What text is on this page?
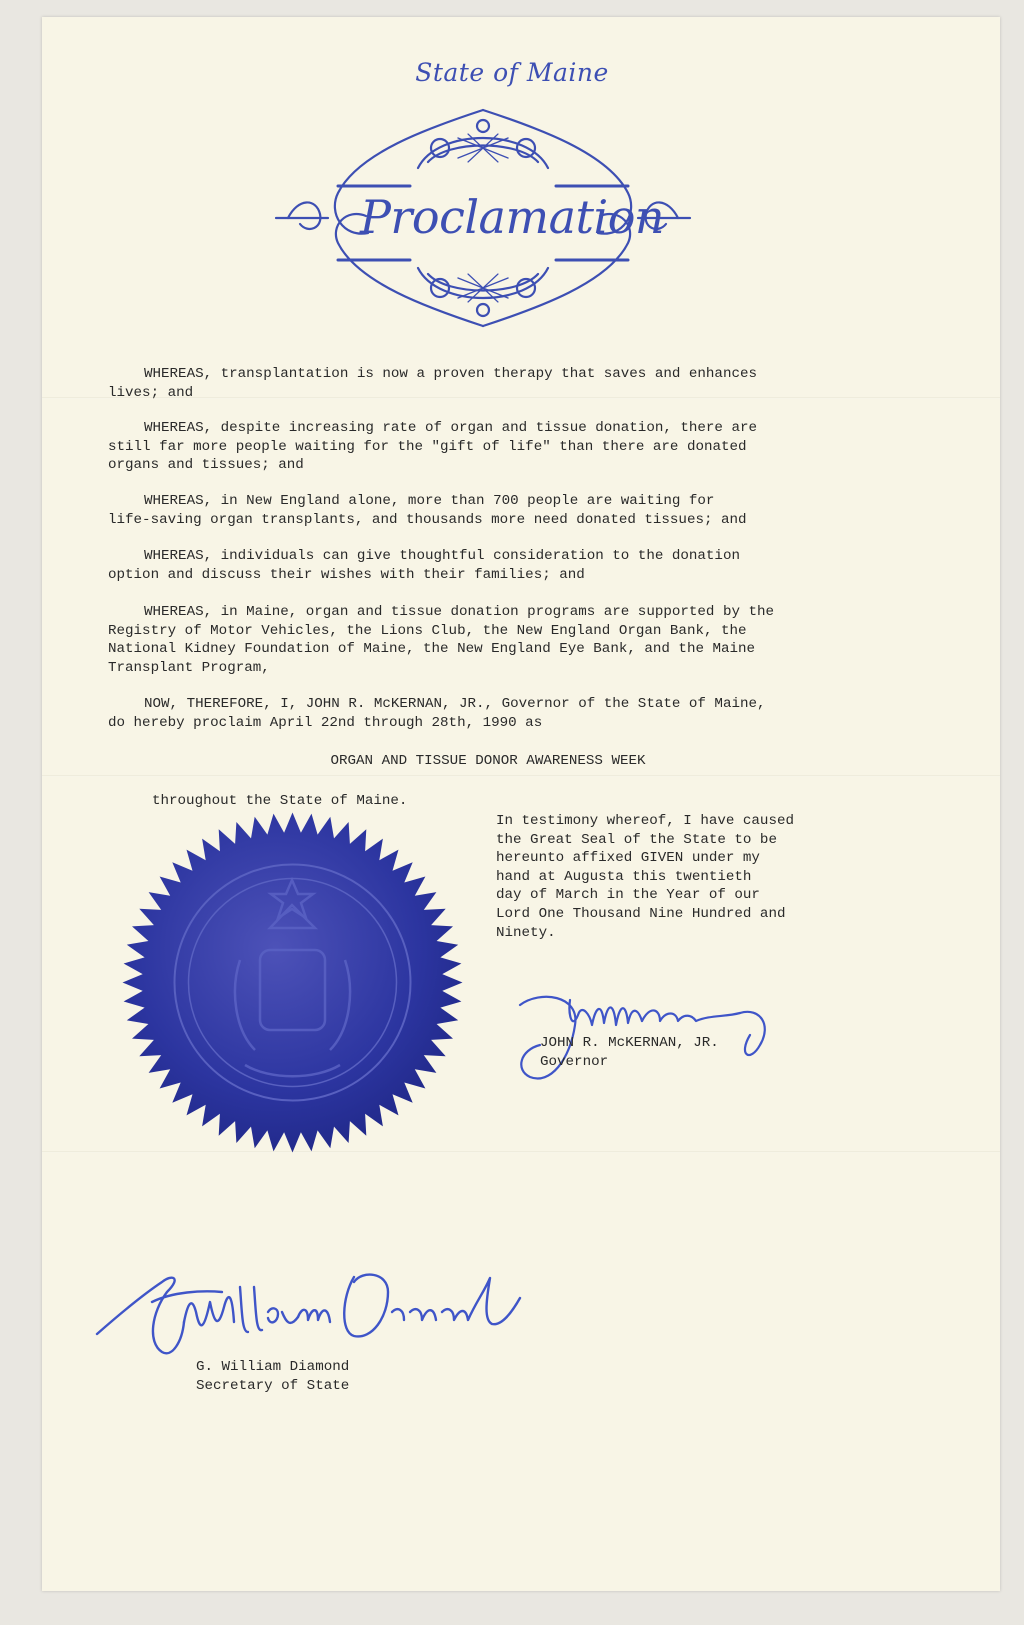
State of Maine
Proclamation

WHEREAS, transplantation is now a proven therapy that saves and enhances
lives; and

WHEREAS, despite increasing rate of organ and tissue donation, there are
still far more people waiting for the "gift of life" than there are donated
organs and tissues; and

WHEREAS, in New England alone, more than 700 people are waiting for
life-saving organ transplants, and thousands more need donated tissues; and

WHEREAS, individuals can give thoughtful consideration to the donation
option and discuss their wishes with their families; and

WHEREAS, in Maine, organ and tissue donation programs are supported by the
Registry of Motor Vehicles, the Lions Club, the New England Organ Bank, the
National Kidney Foundation of Maine, the New England Eye Bank, and the Maine
Transplant Program,

NOW, THEREFORE, I, JOHN R. McKERNAN, JR., Governor of the State of Maine,
do hereby proclaim April 22nd through 28th, 1990 as

ORGAN AND TISSUE DONOR AWARENESS WEEK

throughout the State of Maine.

In testimony whereof, I have caused
the Great Seal of the State to be
hereunto affixed GIVEN under my
hand at Augusta this twentieth
day of March in the Year of our
Lord One Thousand Nine Hundred and
Ninety.

JOHN R. McKERNAN, JR.

Governor

G. William Diamond

Secretary of State
